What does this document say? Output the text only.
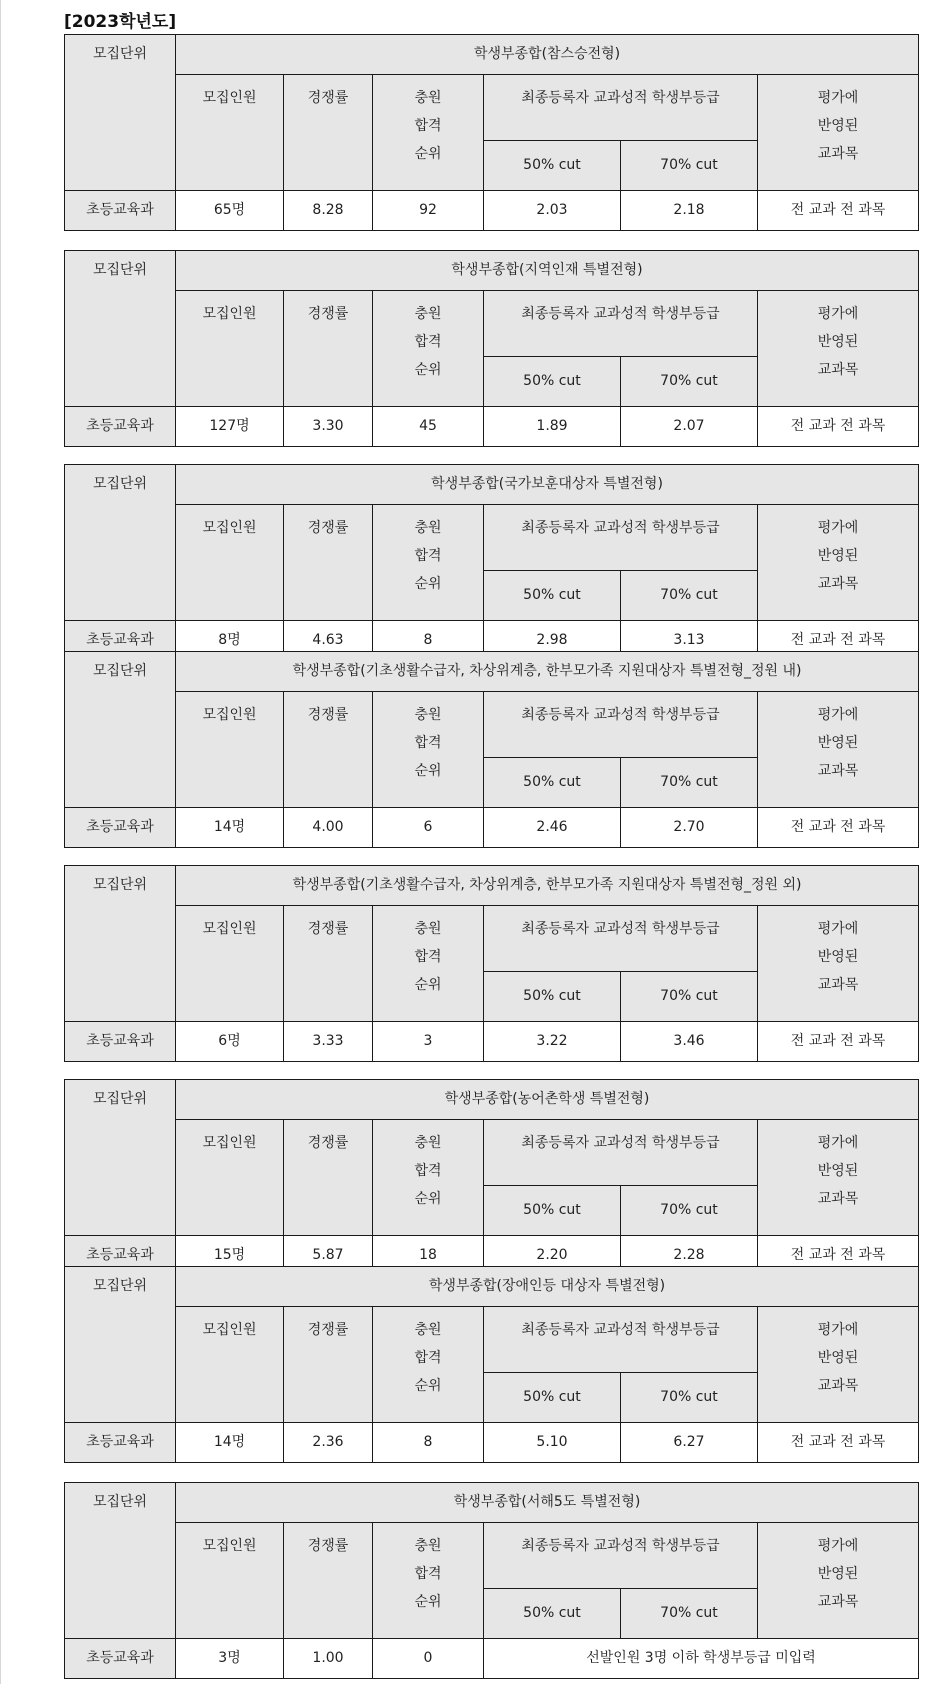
[2023학년도]
모집단위	학생부종합(참스승전형)					
	모집인원	경쟁률	충원
합격
순위	최종등록자 교과성적 학생부등급		평가에
반영된
교과목

				50% cut	70% cut	
초등교육과	65명	8.28	92	2.03	2.18	전 교과 전 과목
모집단위	학생부종합(지역인재 특별전형)					
	모집인원	경쟁률	충원
합격
순위	최종등록자 교과성적 학생부등급		평가에
반영된
교과목

				50% cut	70% cut	
초등교육과	127명	3.30	45	1.89	2.07	전 교과 전 과목
모집단위	학생부종합(국가보훈대상자 특별전형)					
	모집인원	경쟁률	충원
합격
순위	최종등록자 교과성적 학생부등급		평가에
반영된
교과목

				50% cut	70% cut	
초등교육과	8명	4.63	8	2.98	3.13	전 교과 전 과목
모집단위	학생부종합(기초생활수급자, 차상위계층, 한부모가족 지원대상자 특별전형_정원 내)					
	모집인원	경쟁률	충원
합격
순위	최종등록자 교과성적 학생부등급		평가에
반영된
교과목

				50% cut	70% cut	
초등교육과	14명	4.00	6	2.46	2.70	전 교과 전 과목
모집단위	학생부종합(기초생활수급자, 차상위계층, 한부모가족 지원대상자 특별전형_정원 외)					
	모집인원	경쟁률	충원
합격
순위	최종등록자 교과성적 학생부등급		평가에
반영된
교과목

				50% cut	70% cut	
초등교육과	6명	3.33	3	3.22	3.46	전 교과 전 과목
모집단위	학생부종합(농어촌학생 특별전형)					
	모집인원	경쟁률	충원
합격
순위	최종등록자 교과성적 학생부등급		평가에
반영된
교과목

				50% cut	70% cut	
초등교육과	15명	5.87	18	2.20	2.28	전 교과 전 과목
모집단위	학생부종합(장애인등 대상자 특별전형)					
	모집인원	경쟁률	충원
합격
순위	최종등록자 교과성적 학생부등급		평가에
반영된
교과목

				50% cut	70% cut	
초등교육과	14명	2.36	8	5.10	6.27	전 교과 전 과목
모집단위	학생부종합(서해5도 특별전형)					
	모집인원	경쟁률	충원
합격
순위	최종등록자 교과성적 학생부등급		평가에
반영된
교과목

				50% cut	70% cut	
초등교육과	3명	1.00	0	선발인원 3명 이하 학생부등급 미입력		
